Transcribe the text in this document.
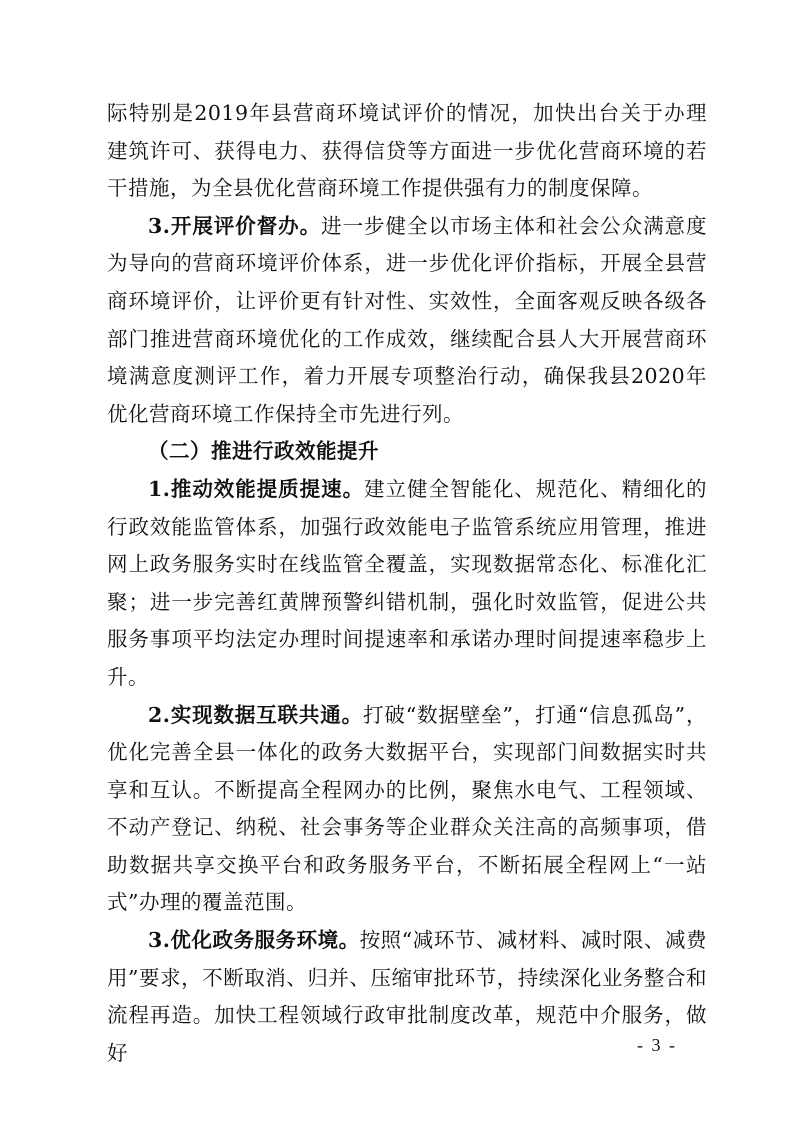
际特别是2019年县营商环境试评价的情况，加快出台关于办理建筑许可、获得电力、获得信贷等方面进一步优化营商环境的若干措施，为全县优化营商环境工作提供强有力的制度保障。

3.开展评价督办。进一步健全以市场主体和社会公众满意度为导向的营商环境评价体系，进一步优化评价指标，开展全县营商环境评价，让评价更有针对性、实效性，全面客观反映各级各部门推进营商环境优化的工作成效，继续配合县人大开展营商环境满意度测评工作，着力开展专项整治行动，确保我县2020年优化营商环境工作保持全市先进行列。

（二）推进行政效能提升

1.推动效能提质提速。建立健全智能化、规范化、精细化的行政效能监管体系，加强行政效能电子监管系统应用管理，推进网上政务服务实时在线监管全覆盖，实现数据常态化、标准化汇聚；进一步完善红黄牌预警纠错机制，强化时效监管，促进公共服务事项平均法定办理时间提速率和承诺办理时间提速率稳步上升。

2.实现数据互联共通。打破“数据壁垒”，打通“信息孤岛”，优化完善全县一体化的政务大数据平台，实现部门间数据实时共享和互认。不断提高全程网办的比例，聚焦水电气、工程领域、不动产登记、纳税、社会事务等企业群众关注高的高频事项，借助数据共享交换平台和政务服务平台，不断拓展全程网上“一站式”办理的覆盖范围。

3.优化政务服务环境。按照“减环节、减材料、减时限、减费用”要求，不断取消、归并、压缩审批环节，持续深化业务整合和流程再造。加快工程领域行政审批制度改革，规范中介服务，做好	- 3 -
